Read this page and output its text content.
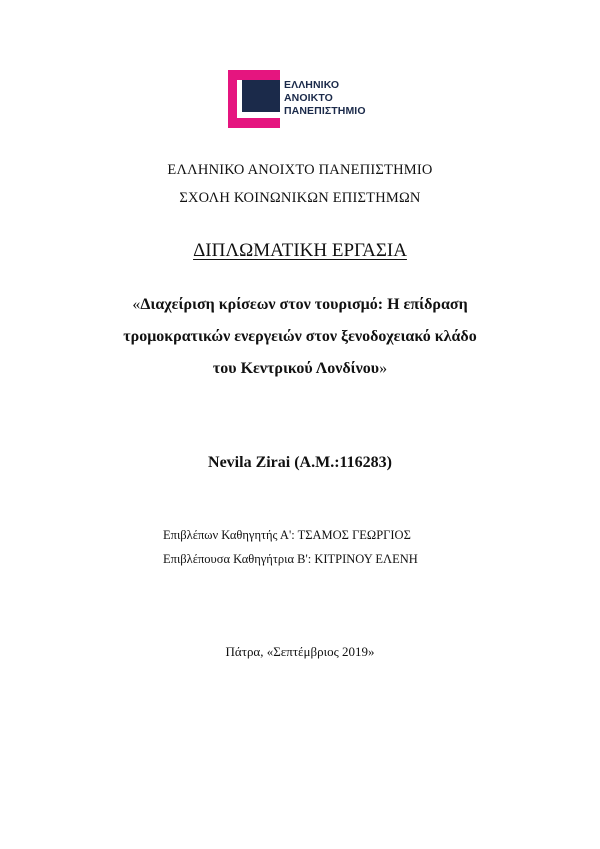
ΕΛΛΗΝΙΚΟ
ΑΝΟΙΚΤΟ
ΠΑΝΕΠΙΣΤΗΜΙΟ
ΕΛΛΗΝΙΚΟ ΑΝΟΙΧΤΟ ΠΑΝΕΠΙΣΤΗΜΙΟ
ΣΧΟΛΗ ΚΟΙΝΩΝΙΚΩΝ ΕΠΙΣΤΗΜΩΝ
ΔΙΠΛΩΜΑΤΙΚΗ ΕΡΓΑΣΙΑ
«Διαχείριση κρίσεων στον τουρισμό: Η επίδραση
τρομοκρατικών ενεργειών στον ξενοδοχειακό κλάδο
του Κεντρικού Λονδίνου»
Nevila Zirai (Α.Μ.:116283)
Επιβλέπων Καθηγητής Α': ΤΣΑΜΟΣ ΓΕΩΡΓΙΟΣ
Επιβλέπουσα Καθηγήτρια Β': ΚΙΤΡΙΝΟΥ ΕΛΕΝΗ
Πάτρα, «Σεπτέμβριος 2019»
